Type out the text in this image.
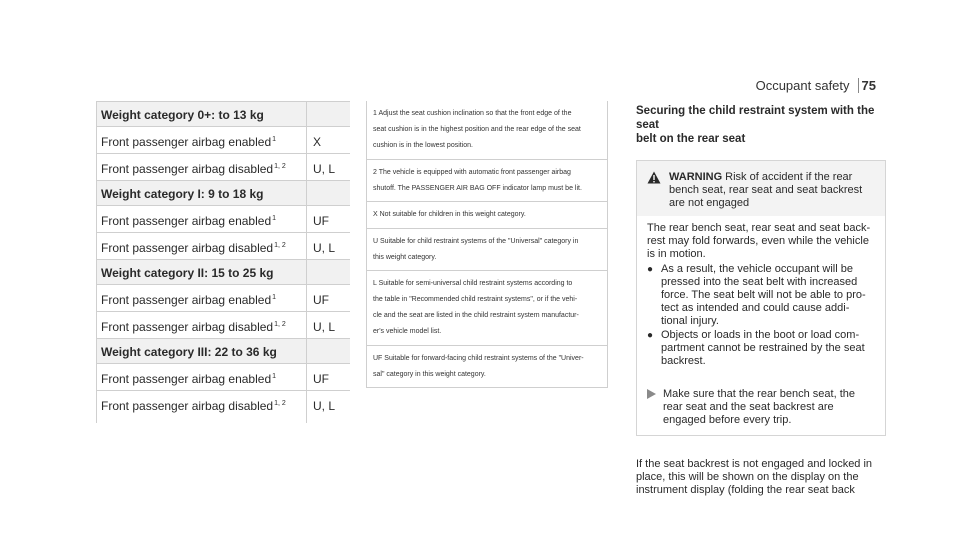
Occupant safety 75
Weight category 0+: to 13 kg
Front passenger airbag enabled$^1$	X
Front passenger airbag disabled$^{1, 2}$	U, L
Weight category I: 9 to 18 kg
Front passenger airbag enabled$^1$	UF
Front passenger airbag disabled$^{1, 2}$	U, L
Weight category II: 15 to 25 kg
Front passenger airbag enabled$^1$	UF
Front passenger airbag disabled$^{1, 2}$	U, L
Weight category III: 22 to 36 kg
Front passenger airbag enabled$^1$	UF
Front passenger airbag disabled$^{1, 2}$	U, L
1 Adjust the seat cushion inclination so that the front edge of the
seat cushion is in the highest position and the rear edge of the seat
cushion is in the lowest position.
2 The vehicle is equipped with automatic front passenger airbag
shutoff. The PASSENGER AIR BAG OFF indicator lamp must be lit.
X Not suitable for children in this weight category.
U Suitable for child restraint systems of the "Universal" category in
this weight category.
L Suitable for semi-universal child restraint systems according to
the table in "Recommended child restraint systems", or if the vehi-
cle and the seat are listed in the child restraint system manufactur-
er's vehicle model list.
UF Suitable for forward-facing child restraint systems of the "Univer-
sal" category in this weight category.
Securing the child restraint system with the seat
belt on the rear seat
WARNING Risk of accident if the rear
bench seat, rear seat and seat backrest
are not engaged

The rear bench seat, rear seat and seat back-
rest may fold forwards, even while the vehicle
is in motion.

● As a result, the vehicle occupant will be
pressed into the seat belt with increased
force. The seat belt will not be able to pro-
tect as intended and could cause addi-
tional injury.
● Objects or loads in the boot or load com-
partment cannot be restrained by the seat
backrest.
Make sure that the rear bench seat, the
rear seat and the seat backrest are
engaged before every trip.

If the seat backrest is not engaged and locked in
place, this will be shown on the display on the
instrument display (folding the rear seat back
